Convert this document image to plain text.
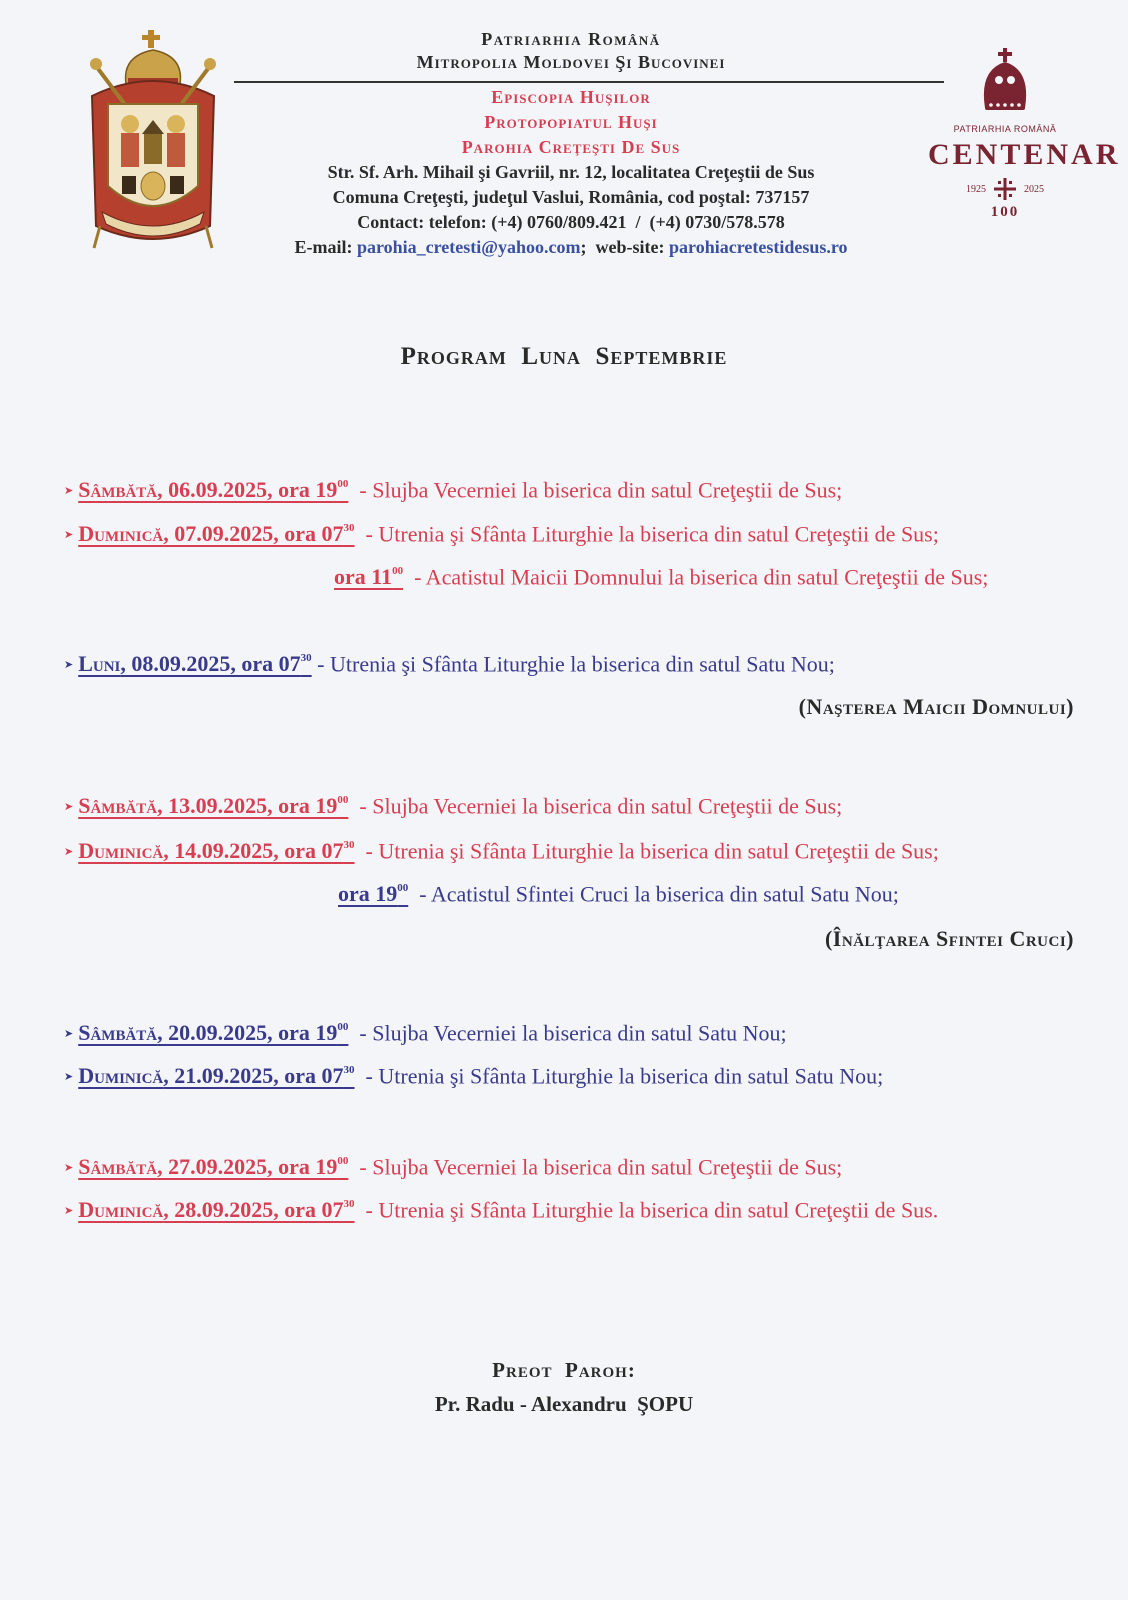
Patriarhia Română
Mitropolia Moldovei Şi Bucovinei
Episcopia Huşilor
Protopopiatul Huşi
Parohia Creţeşti De Sus
Str. Sf. Arh. Mihail şi Gavriil, nr. 12, localitatea Creţeştii de Sus
Comuna Creţeşti, judeţul Vaslui, România, cod poştal: 737157
Contact: telefon: (+4) 0760/809.421  /  (+4) 0730/578.578
E-mail: parohia_cretesti@yahoo.com;  web-site: parohiacretestidesus.ro
PATRIARHIA ROMÂNĂ
CENTENAR
1925	2025
100
Program  Luna  Septembrie
➤ Sâmbătă, 06.09.2025, ora $19^{00}$  - Slujba Vecerniei la biserica din satul Creţeştii de Sus;
➤ Duminică, 07.09.2025, ora $07^{30}$  - Utrenia şi Sfânta Liturghie la biserica din satul Creţeştii de Sus;
ora $11^{00}$  - Acatistul Maicii Domnului la biserica din satul Creţeştii de Sus;
➤ Luni, 08.09.2025, ora $07^{30}$ - Utrenia şi Sfânta Liturghie la biserica din satul Satu Nou;
(Naşterea Maicii Domnului)
➤ Sâmbătă, 13.09.2025, ora $19^{00}$  - Slujba Vecerniei la biserica din satul Creţeştii de Sus;
➤ Duminică, 14.09.2025, ora $07^{30}$  - Utrenia şi Sfânta Liturghie la biserica din satul Creţeştii de Sus;
ora $19^{00}$  - Acatistul Sfintei Cruci la biserica din satul Satu Nou;
(Înălţarea Sfintei Cruci)
➤ Sâmbătă, 20.09.2025, ora $19^{00}$  - Slujba Vecerniei la biserica din satul Satu Nou;
➤ Duminică, 21.09.2025, ora $07^{30}$  - Utrenia şi Sfânta Liturghie la biserica din satul Satu Nou;
➤ Sâmbătă, 27.09.2025, ora $19^{00}$  - Slujba Vecerniei la biserica din satul Creţeştii de Sus;
➤ Duminică, 28.09.2025, ora $07^{30}$  - Utrenia şi Sfânta Liturghie la biserica din satul Creţeştii de Sus.
Preot  Paroh:
Pr. Radu - Alexandru  ŞOPU
